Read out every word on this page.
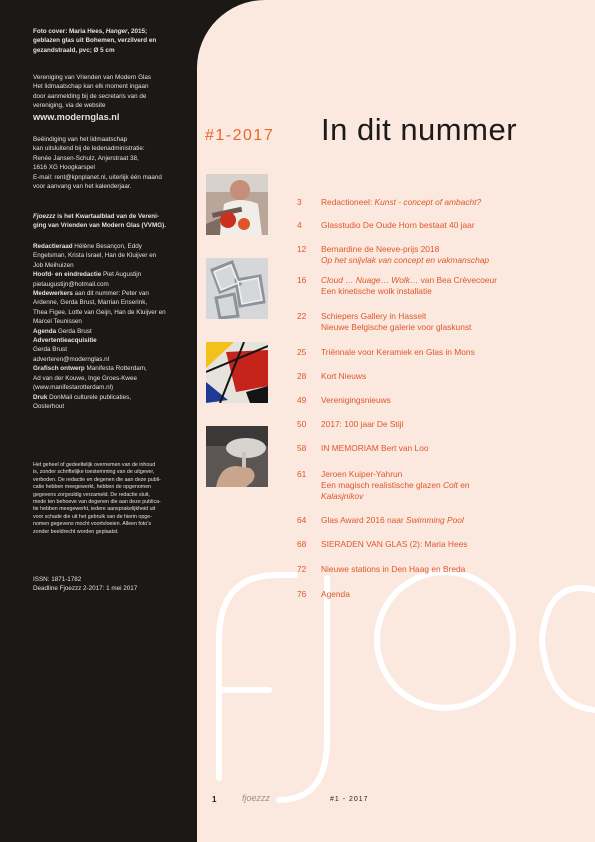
Foto cover: Maria Hees, Hanger, 2015;

geblazen glas uit Bohemen, verzilverd en

gezandstraald, pvc; Ø 5 cm

Vereniging van Vrienden van Modern Glas

Het lidmaatschap kan elk moment ingaan

door aanmelding bij de secretaris van de

vereniging, via de website

www.modernglas.nl

Beëindiging van het lidmaatschap

kan uitsluitend bij de ledenadministratie:

Renée Jansen-Schulz, Anjerstraat 38,

1616 XG Hoogkarspel

E-mail: rent@kpnplanet.nl, uiterlijk één maand

voor aanvang van het kalenderjaar.

Fjoezzz is het Kwartaalblad van de Vereni-

ging van Vrienden van Modern Glas (VVMG).

Redactieraad Hélène Besançon, Eddy

Engelsman, Krista Israel, Han de Kluijver en

Job Meihuizen

Hoofd- en eindredactie Piet Augustijn

pietaugustijn@hotmail.com

Medewerkers aan dit nummer: Peter van

Ardenne, Gerda Brust, Marrian Enserink,

Thea Figee, Lotte van Geijn, Han de Kluijver en

Marcel Teunissen

Agenda Gerda Brust

Advertentieacquisitie

Gerda Brust

adverteren@modernglas.nl

Grafisch ontwerp Manifesta Rotterdam,

Ad van der Kouwe, Inge Groes-Kwee

(www.manifestarotterdam.nl)

Druk DonMail culturele publicaties,

Oosterhout

Het geheel of gedeeltelijk overnemen van de inhoud

is, zonder schriftelijke toestemming van de uitgever,

verboden. De redactie en degenen die aan deze publi-

catie hebben meegewerkt, hebben de opgenomen

gegevens zorgvuldig verzameld. De redactie sluit,

mede ten behoeve van degenen die aan deze publica-

tie hebben meegewerkt, iedere aansprakelijkheid uit

voor schade die uit het gebruik van de hierin opge-

nomen gegevens mocht voortvloeien. Alleen foto’s

zonder beeldrecht worden geplaatst.

ISSN: 1871-1782

Deadline Fjoezzz 2-2017: 1 mei 2017

#1-2017 In dit nummer
3	Redactioneel: Kunst - concept of ambacht?
4	Glasstudio De Oude Horn bestaat 40 jaar
12	Bernardine de Neeve-prijs 2018
Op het snijvlak van concept en vakmanschap
16	Cloud … Nuage… Wolk… van Bea Crèvecoeur
Een kinetische wolk installatie
22	Schiepers Gallery in Hasselt
Nieuwe Belgische galerie voor glaskunst
25	Triënnale voor Keramiek en Glas in Mons
28	Kort Nieuws
49	Verenigingsnieuws
50	2017: 100 jaar De Stijl
58	IN MEMORIAM Bert van Loo
61	Jeroen Kuiper-Yahrun
Een magisch realistische glazen Colt en
Kalasjnikov
64	Glas Award 2016 naar Swimming Pool
68	SIERADEN VAN GLAS (2): Maria Hees
72	Nieuwe stations in Den Haag en Breda
76	Agenda
1	fjoezzz	#1 - 2017
